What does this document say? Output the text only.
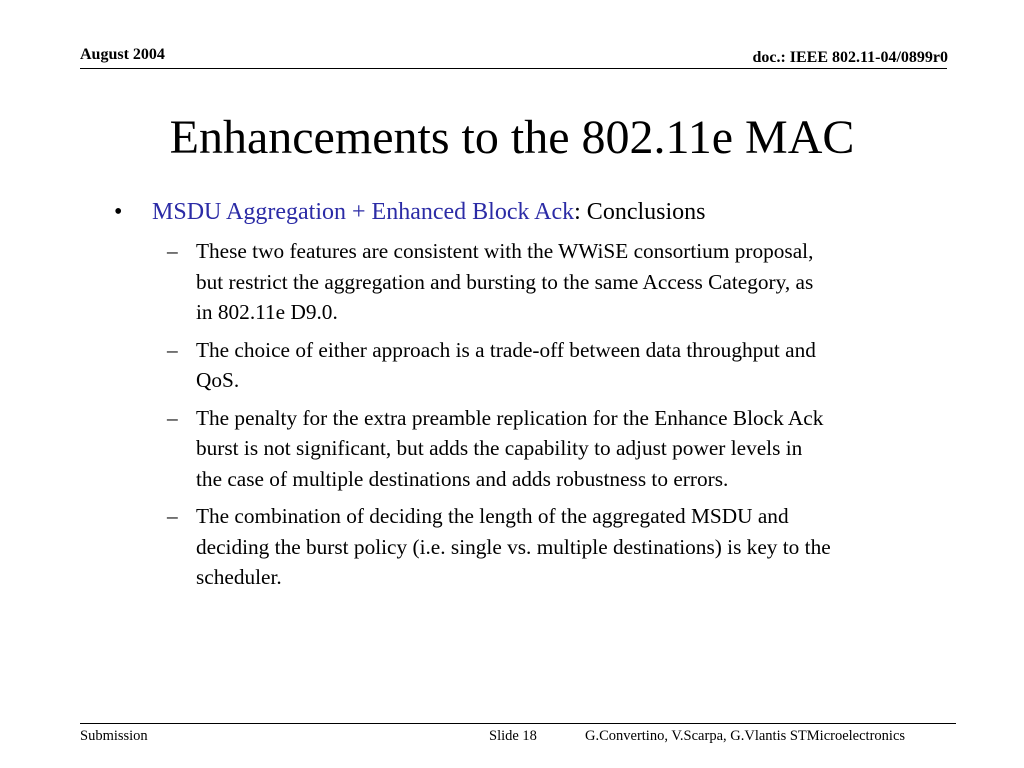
August 2004	doc.: IEEE 802.11-04/0899r0
Enhancements to the 802.11e MAC
• MSDU Aggregation + Enhanced Block Ack: Conclusions
– These two features are consistent with the WWiSE consortium proposal, but restrict the aggregation and bursting to the same Access Category, as in 802.11e D9.0.
– The choice of either approach is a trade-off between data throughput and QoS.
– The penalty for the extra preamble replication for the Enhance Block Ack burst is not significant, but adds the capability to adjust power levels in the case of multiple destinations and adds robustness to errors.
– The combination of deciding the length of the aggregated MSDU and deciding the burst policy (i.e. single vs. multiple destinations) is key to the scheduler.
Submission	Slide 18	G.Convertino, V.Scarpa, G.Vlantis STMicroelectronics
